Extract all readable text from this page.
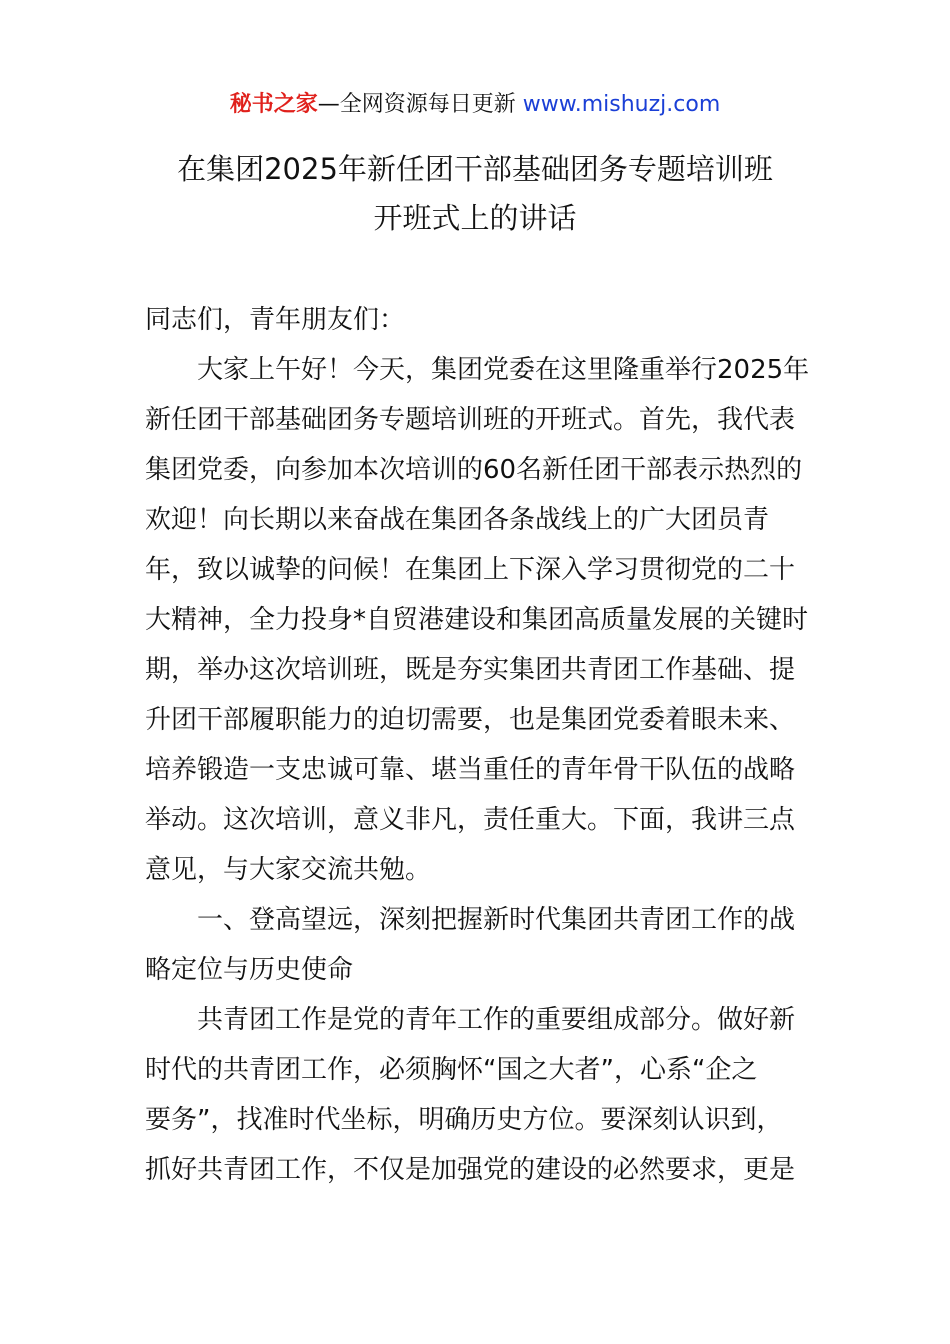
秘书之家—全网资源每日更新 www.mishuzj.com
在集团2025年新任团干部基础团务专题培训班
开班式上的讲话
同志们，青年朋友们：
大家上午好！今天，集团党委在这里隆重举行2025年
新任团干部基础团务专题培训班的开班式。首先，我代表
集团党委，向参加本次培训的60名新任团干部表示热烈的
欢迎！向长期以来奋战在集团各条战线上的广大团员青
年，致以诚挚的问候！在集团上下深入学习贯彻党的二十
大精神，全力投身*自贸港建设和集团高质量发展的关键时
期，举办这次培训班，既是夯实集团共青团工作基础、提
升团干部履职能力的迫切需要，也是集团党委着眼未来、
培养锻造一支忠诚可靠、堪当重任的青年骨干队伍的战略
举动。这次培训，意义非凡，责任重大。下面，我讲三点
意见，与大家交流共勉。
一、登高望远，深刻把握新时代集团共青团工作的战
略定位与历史使命
共青团工作是党的青年工作的重要组成部分。做好新
时代的共青团工作，必须胸怀“国之大者”，心系“企之
要务”，找准时代坐标，明确历史方位。要深刻认识到，
抓好共青团工作，不仅是加强党的建设的必然要求，更是
